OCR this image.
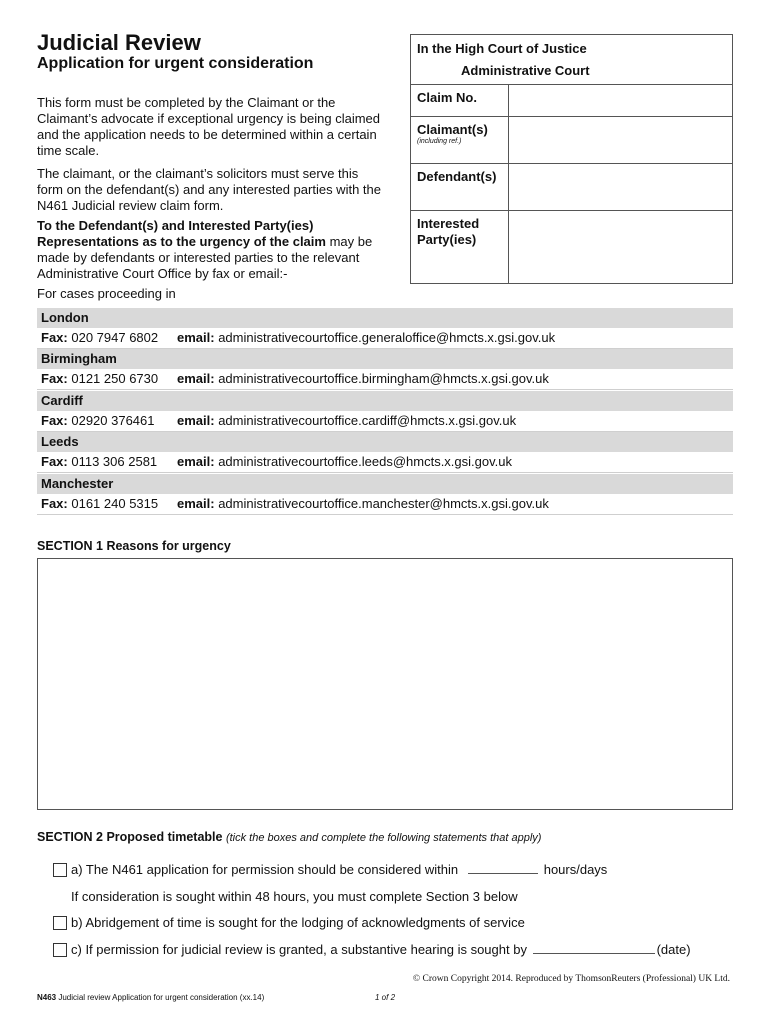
Judicial Review
Application for urgent consideration
This form must be completed by the Claimant or the Claimant’s advocate if exceptional urgency is being claimed and the application needs to be determined within a certain time scale.
The claimant, or the claimant’s solicitors must serve this form on the defendant(s) and any interested parties with the N461 Judicial review claim form.
To the Defendant(s) and Interested Party(ies) Representations as to the urgency of the claim may be made by defendants or interested parties to the relevant Administrative Court Office by fax or email:-
For cases proceeding in
In the High Court of Justice
Administrative Court
Claim No.
Claimant(s)
(including ref.)
Defendant(s)
Interested
Party(ies)
London
Fax: 020 7947 6802 email: administrativecourtoffice.generaloffice@hmcts.x.gsi.gov.uk
Birmingham
Fax: 0121 250 6730 email: administrativecourtoffice.birmingham@hmcts.x.gsi.gov.uk
Cardiff
Fax: 02920 376461 email: administrativecourtoffice.cardiff@hmcts.x.gsi.gov.uk
Leeds
Fax: 0113 306 2581 email: administrativecourtoffice.leeds@hmcts.x.gsi.gov.uk
Manchester
Fax: 0161 240 5315 email: administrativecourtoffice.manchester@hmcts.x.gsi.gov.uk
SECTION 1 Reasons for urgency
SECTION 2 Proposed timetable (tick the boxes and complete the following statements that apply)
a) The N461 application for permission should be considered within	hours/days
If consideration is sought within 48 hours, you must complete Section 3 below
b) Abridgement of time is sought for the lodging of acknowledgments of service
c) If permission for judicial review is granted, a substantive hearing is sought by	(date)
© Crown Copyright 2014. Reproduced by ThomsonReuters (Professional) UK Ltd.
N463 Judicial review Application for urgent consideration (xx.14)	1 of 2
